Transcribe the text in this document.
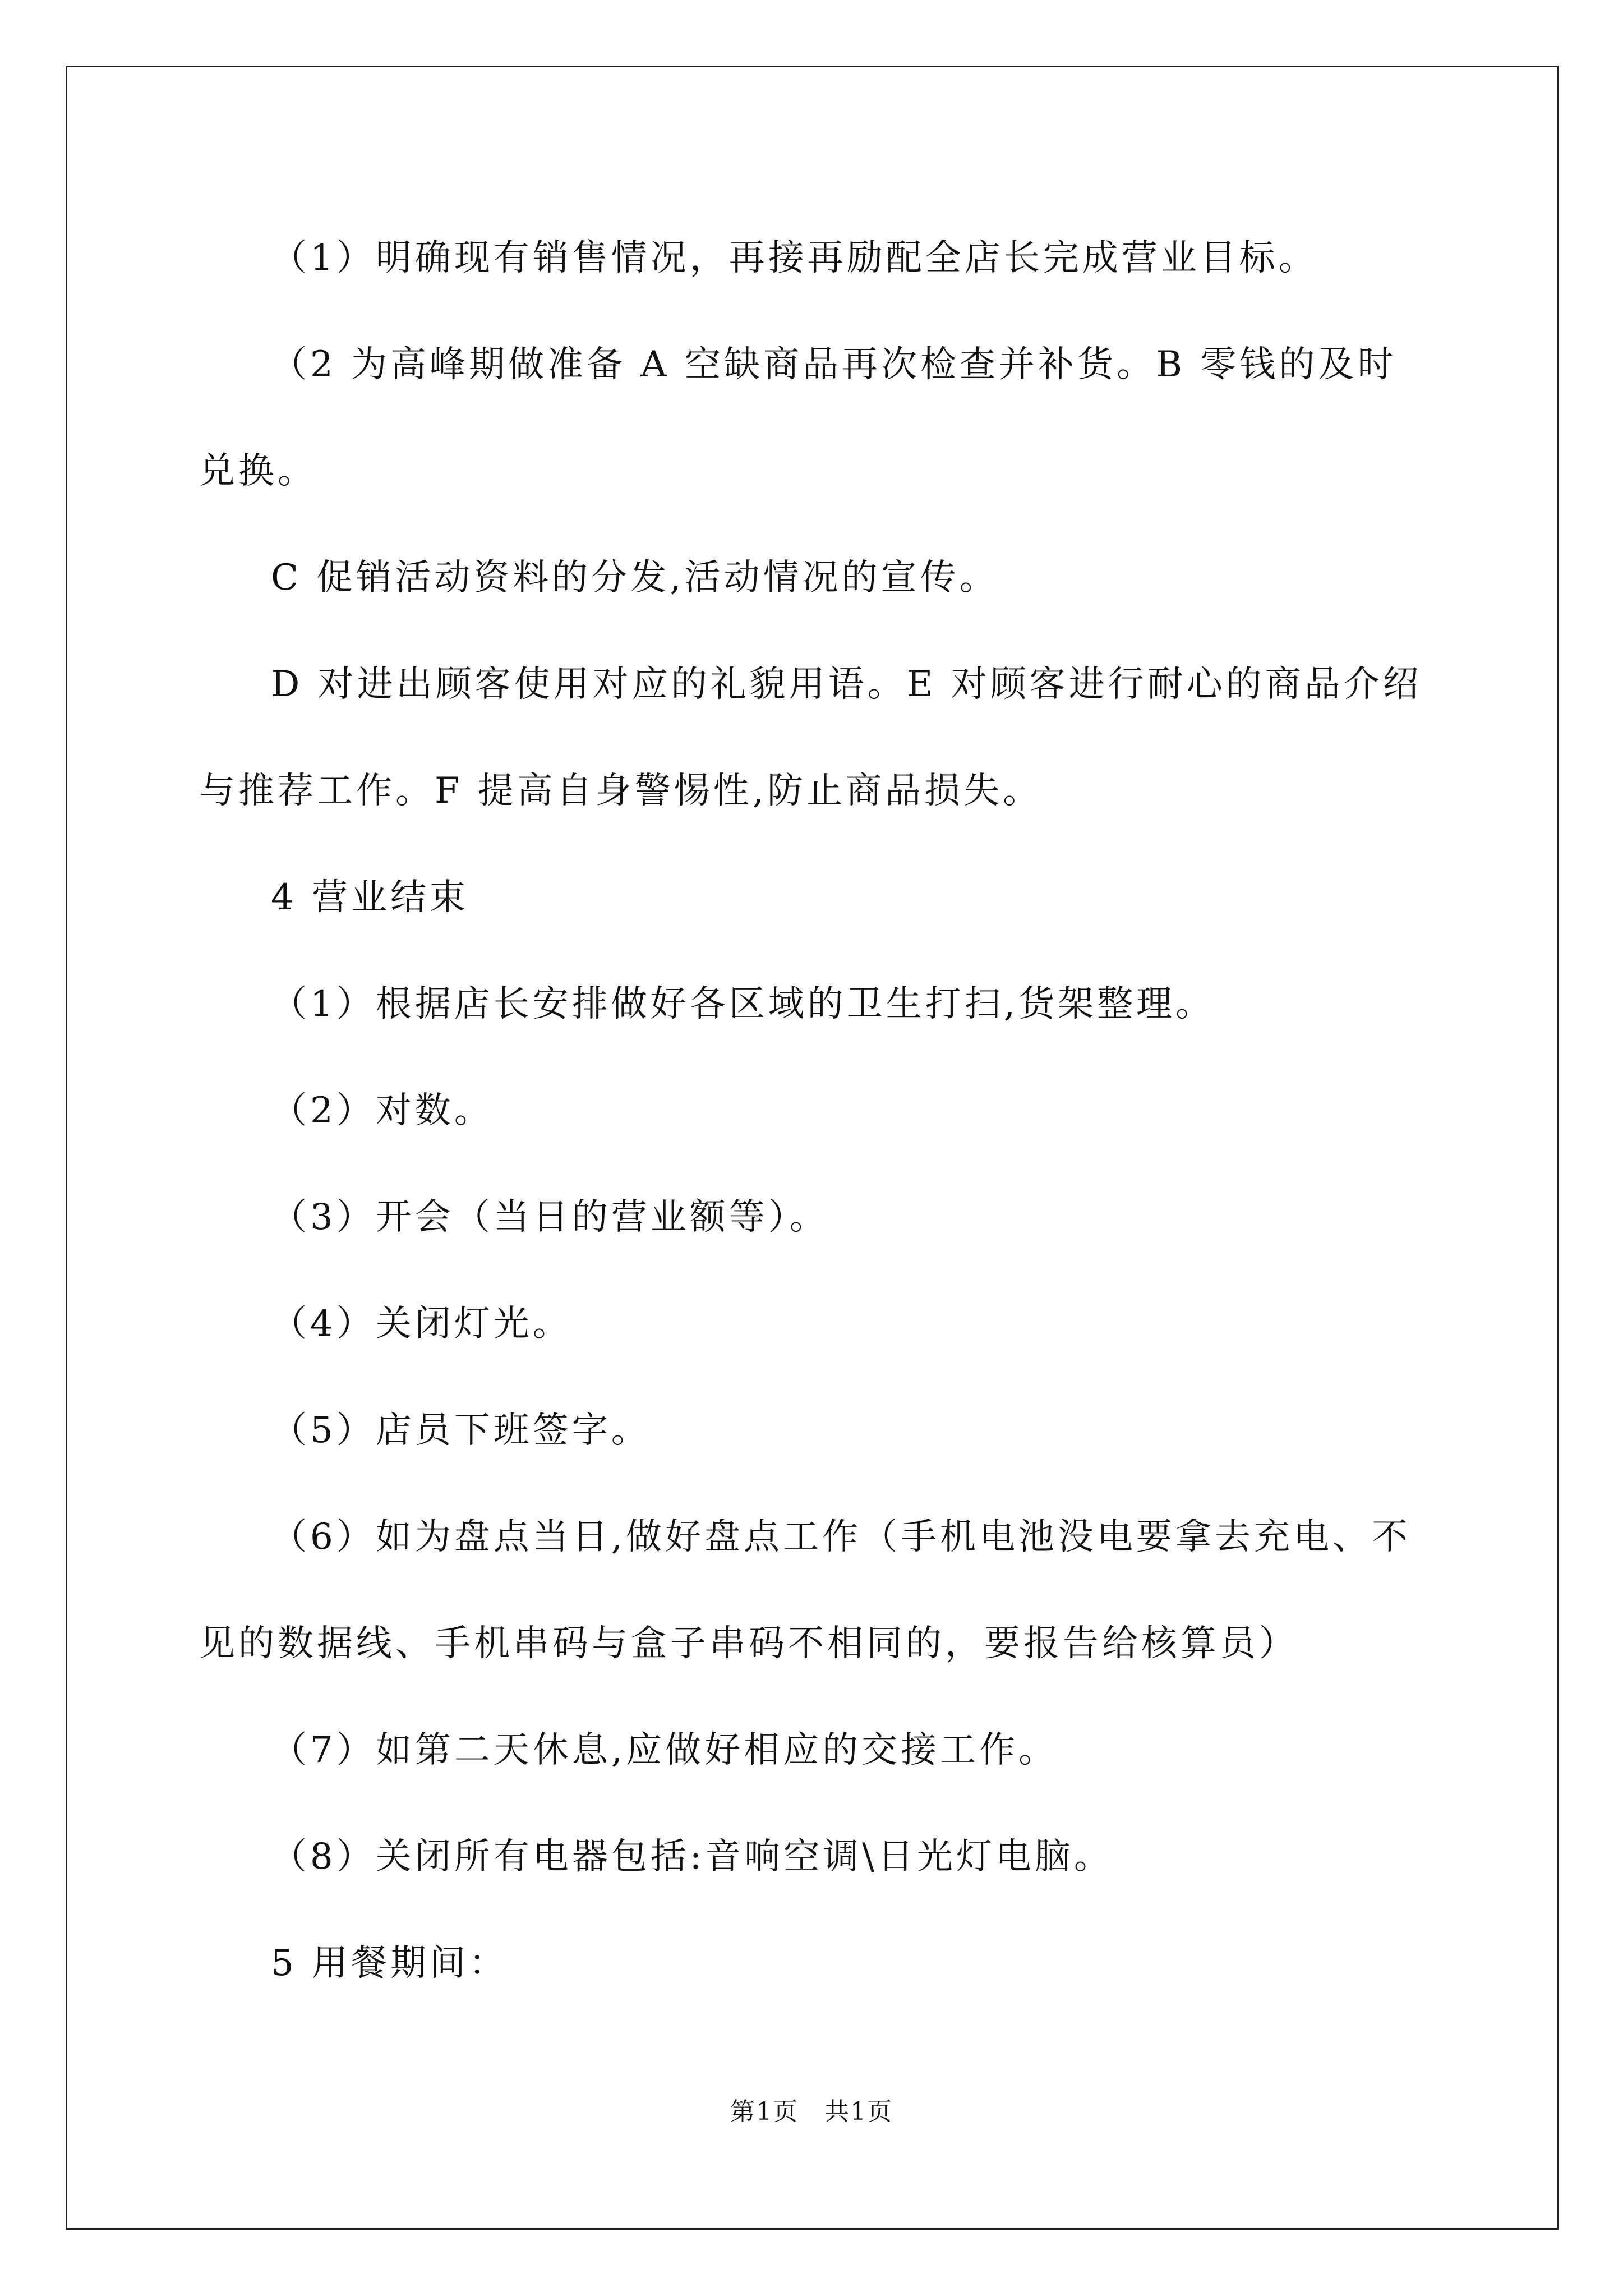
（1）明确现有销售情况，再接再励配全店长完成营业目标。

（2 为高峰期做准备 A 空缺商品再次检查并补货。B 零钱的及时兑换。

C 促销活动资料的分发,活动情况的宣传。

D 对进出顾客使用对应的礼貌用语。E 对顾客进行耐心的商品介绍与推荐工作。F 提高自身警惕性,防止商品损失。

4 营业结束

（1）根据店长安排做好各区域的卫生打扫,货架整理。

（2）对数。

（3）开会（当日的营业额等）。

（4）关闭灯光。

（5）店员下班签字。

（6）如为盘点当日,做好盘点工作（手机电池没电要拿去充电、不见的数据线、手机串码与盒子串码不相同的，要报告给核算员）

（7）如第二天休息,应做好相应的交接工作。

（8）关闭所有电器包括:音响空调\日光灯电脑。

5 用餐期间：

第1页　共1页
